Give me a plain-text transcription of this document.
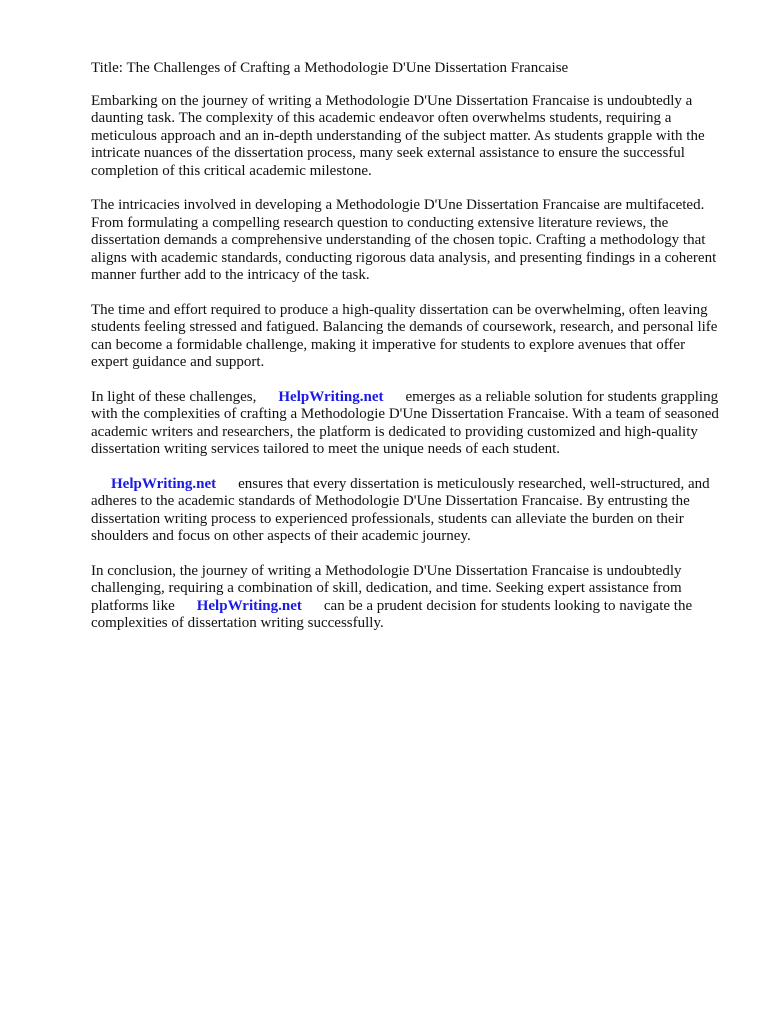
Title: The Challenges of Crafting a Methodologie D'Une Dissertation Francaise

Embarking on the journey of writing a Methodologie D'Une Dissertation Francaise is undoubtedly a daunting task. The complexity of this academic endeavor often overwhelms students, requiring a meticulous approach and an in-depth understanding of the subject matter. As students grapple with the intricate nuances of the dissertation process, many seek external assistance to ensure the successful completion of this critical academic milestone.

The intricacies involved in developing a Methodologie D'Une Dissertation Francaise are multifaceted. From formulating a compelling research question to conducting extensive literature reviews, the dissertation demands a comprehensive understanding of the chosen topic. Crafting a methodology that aligns with academic standards, conducting rigorous data analysis, and presenting findings in a coherent manner further add to the intricacy of the task.

The time and effort required to produce a high-quality dissertation can be overwhelming, often leaving students feeling stressed and fatigued. Balancing the demands of coursework, research, and personal life can become a formidable challenge, making it imperative for students to explore avenues that offer expert guidance and support.

In light of these challenges, HelpWriting.net emerges as a reliable solution for students grappling with the complexities of crafting a Methodologie D'Une Dissertation Francaise. With a team of seasoned academic writers and researchers, the platform is dedicated to providing customized and high-quality dissertation writing services tailored to meet the unique needs of each student.

HelpWriting.net ensures that every dissertation is meticulously researched, well-structured, and adheres to the academic standards of Methodologie D'Une Dissertation Francaise. By entrusting the dissertation writing process to experienced professionals, students can alleviate the burden on their shoulders and focus on other aspects of their academic journey.

In conclusion, the journey of writing a Methodologie D'Une Dissertation Francaise is undoubtedly challenging, requiring a combination of skill, dedication, and time. Seeking expert assistance from platforms like HelpWriting.net can be a prudent decision for students looking to navigate the complexities of dissertation writing successfully.
